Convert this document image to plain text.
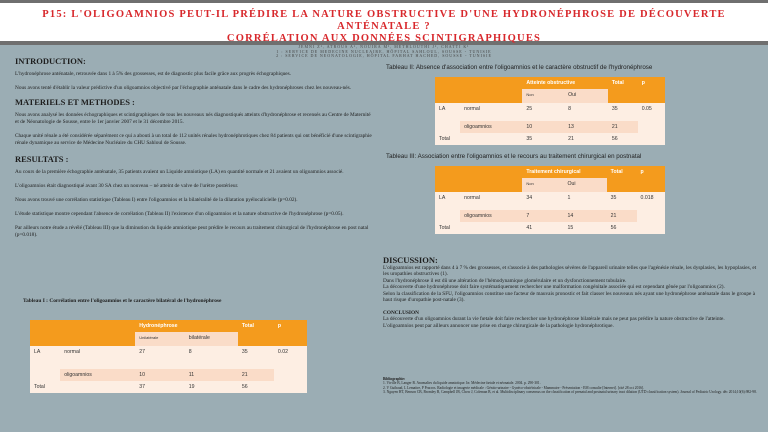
P15: L'OLIGOAMNIOS PEUT-IL PRÉDIRE LA NATURE OBSTRUCTIVE D'UNE HYDRONÉPHROSE DE DÉCOUVERTE ANTÉNATALE ?
CORRÉLATION AUX DONNÉES SCINTIGRAPHIQUES
JEMNI Z¹, ATROUS A¹, NOUIRA M¹, METHLOUTHI J², CHATTI K¹
1 : SERVICE DE MEDECINE NUCLEAIRE, HÔPITAL SAHLOUL, SOUSSE - TUNISIE
2 : SERVICE DE NEONATOLOGIE, HÔPITAL FARHAT HACHED, SOUSSE - TUNISIE
INTRODUCTION:
L'hydronéphrose anténatale, retrouvée dans 1 à 5% des grossesses, est de diagnostic plus facile grâce aux progrès échographiques.
Nous avons tenté d'établir la valeur prédictive d'un oligoamnios objectivé par l'échographie anténatale dans le cadre des hydronéphroses chez les nouveau-nés.
MATERIELS ET METHODES :
Nous avons analysé les données échographiques et scintigraphiques de tous les nouveaux nés diagnostiqués atteints d'hydronéphrose et recensés au Centre de Maternité et de Néonatologie de Sousse, entre le 1er janvier 2007 et le 31 décembre 2015.
Chaque unité rénale a été considérée séparément ce qui a abouti à un total de 112 unités rénales hydronéphrotiques chez 84 patients qui ont bénéficié d'une scintigraphie rénale dynamique au service de Médecine Nucléaire du CHU Sahloul de Sousse.
RESULTATS :
Au cours de la première échographie anténatale, 35 patients avaient un Liquide amniotique (LA) en quantité normale et 21 avaient un oligoamnios associé.
L'oligoamnios était diagnostiqué avant 30 SA chez un nouveau – né atteint de valve de l'urètre postérieur.
Nous avons trouvé une corrélation statistique (Tableau I) entre l'oligoamnios et la bilatéralité de la dilatation pyélocalicielle (p=0.02).
L'étude statistique montre cependant l'absence de corrélation (Tableau II) l'existence d'un oligoamnios et la nature obstructive de l'hydronéphrose (p=0.05).
Par ailleurs notre étude a révélé (Tableau III) que la diminution du liquide amniotique peut prédire le recours au traitement chirurgical de l'hydronéphrose en post natal (p=0.018).
Tableau I : Corrélation entre l'oligoamnios et le caractère bilatéral de l'hydronéphrose
		Hydronéphrose		Total	p
		Unilatérale	bilatérale		
LA	normal	27	8	35	0.02
	oligoamnios	10	11	21	
Total		37	19	56	
Tableau II: Absence d'association entre l'oligoamnios et le caractère obstructif de l'hydronéphrose
		Atteinte obstructive		Total	p
		Non	Oui		
LA	normal	25	8	35	0.05
	oligoamnios	10	13	21	
Total		35	21	56	
Tableau III: Association entre l'oligoamnios et le recours au traitement chirurgical en postnatal
		Traitement chirurgical		Total	p
		Non	Oui		
LA	normal	34	1	35	0.018
	oligoamnios	7	14	21	
Total		41	15	56	
DISCUSSION:
L'oligoamnios est rapporté dans 4 à 7 % des grossesses, et s'associe à des pathologies sévères de l'appareil urinaire telles que l'agénésie rénale, les dysplasies, les hypoplasies, et les uropathies obstructives (1).
Dans l'hydronéphrose il est dû une altération de l'hémodynamique glomérulaire et un dysfonctionnement tubulaire.
La découverte d'une hydronéphrose doit faire systématiquement rechercher une malformation congénitale associée qui est cependant gênée par l'oligoamnios (2).
Selon la classification de la SFU, l'oligoamnios constitue une facteur de mauvais pronostic et fait classer les nouveaux nés ayant une hydronéphrose anténatale dans le groupe à haut risque d'uropathie post-natale (3).
CONCLUSION
La découverte d'un oligoamnios durant la vie fœtale doit faire rechercher une hydronéphrose bilatérale mais ne peut pas prédire la nature obstructive de l'atteinte.
L'oligoamnios peut par ailleurs annoncer une prise en charge chirurgicale de la pathologie hydronéphrotique.
Bibliographie:
1. Viville B, Langer B. Anomalies du liquide amniotique. In: Médecine fœtale et néonatale. 2004. p. 290-301.
2. V Guibaud, L Lemaitre, P Pracros. Radiologie et imagerie médicale : Génito-urinaire - Gynéco-obstétricale - Mammaire - Présentation - EM consulte [Internet]. [cité 28 oct 2016].
3. Nguyen HT, Benson CB, Bromley B, Campbell JB, Chow J, Coleman B, et al. Multidisciplinary consensus on the classification of prenatal and postnatal urinary tract dilation (UTD classification system). Journal of Pediatric Urology. déc 2014;10(6):982-98.
